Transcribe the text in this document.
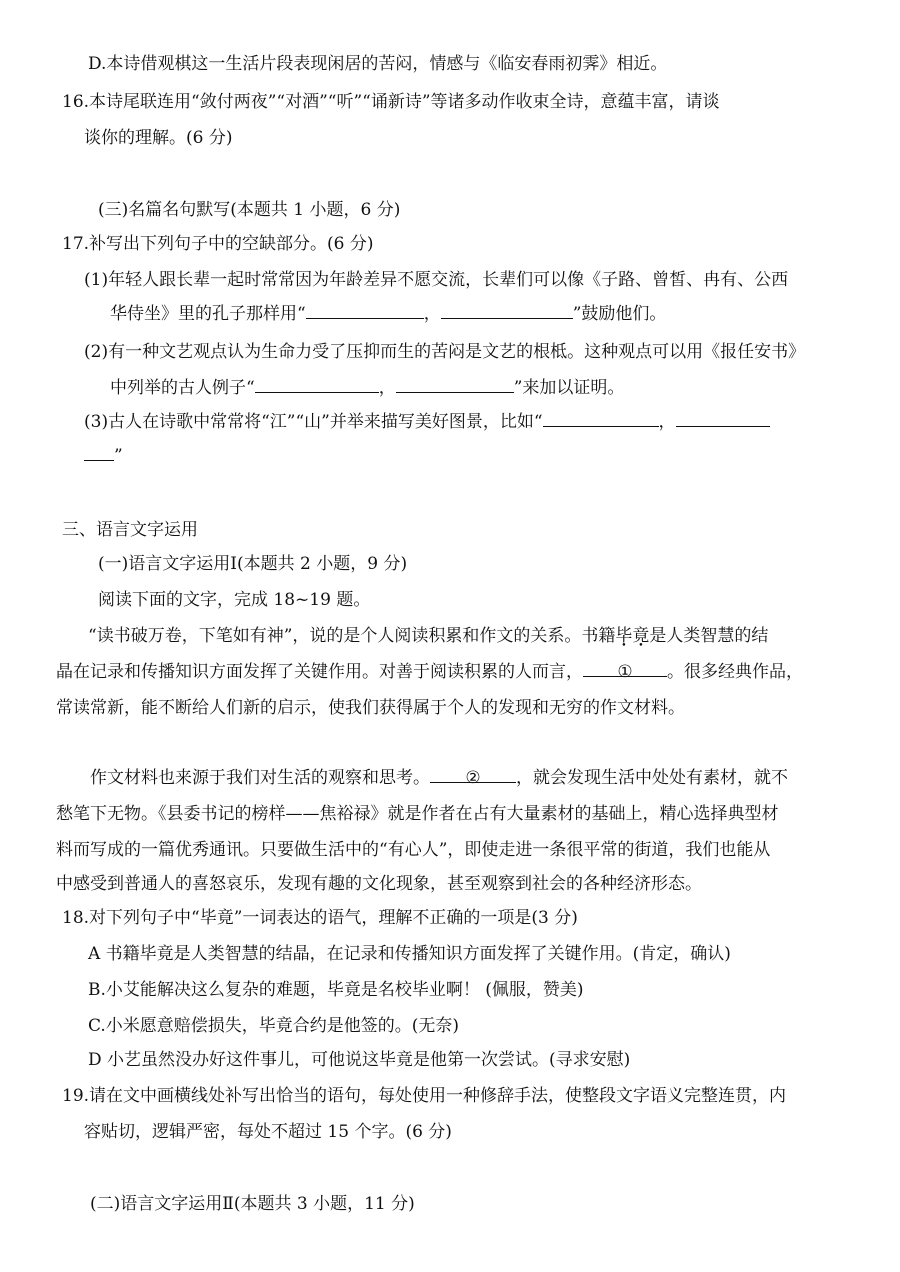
D.本诗借观棋这一生活片段表现闲居的苦闷，情感与《临安春雨初霁》相近。
16.本诗尾联连用“敛付两夜”“对酒”“听”“诵新诗”等诸多动作收束全诗，意蕴丰富，请谈
谈你的理解。(6 分)
(三)名篇名句默写(本题共 1 小题，6 分)
17.补写出下列句子中的空缺部分。(6 分)
(1)年轻人跟长辈一起时常常因为年龄差异不愿交流，长辈们可以像《子路、曾皙、冉有、公西
华侍坐》里的孔子那样用“	，	”鼓励他们。
(2)有一种文艺观点认为生命力受了压抑而生的苦闷是文艺的根柢。这种观点可以用《报任安书》
中列举的古人例子“	，	”来加以证明。
(3)古人在诗歌中常常将“江”“山”并举来描写美好图景，比如“	，
”
三、语言文字运用
(一)语言文字运用Ⅰ(本题共 2 小题，9 分)
阅读下面的文字，完成 18~19 题。
“读书破万卷，下笔如有神”，说的是个人阅读积累和作文的关系。书籍毕竟是人类智慧的结
晶在记录和传播知识方面发挥了关键作用。对善于阅读积累的人而言， ① 。很多经典作品，
常读常新，能不断给人们新的启示，使我们获得属于个人的发现和无穷的作文材料。
作文材料也来源于我们对生活的观察和思考。 ② ，就会发现生活中处处有素材，就不
愁笔下无物。《县委书记的榜样——焦裕禄》就是作者在占有大量素材的基础上，精心选择典型材
料而写成的一篇优秀通讯。只要做生活中的“有心人”，即使走进一条很平常的街道，我们也能从
中感受到普通人的喜怒哀乐，发现有趣的文化现象，甚至观察到社会的各种经济形态。
18.对下列句子中“毕竟”一词表达的语气，理解不正确的一项是(3 分)
A 书籍毕竟是人类智慧的结晶，在记录和传播知识方面发挥了关键作用。(肯定，确认)
B.小艾能解决这么复杂的难题，毕竟是名校毕业啊！ (佩服，赞美)
C.小米愿意赔偿损失，毕竟合约是他签的。(无奈)
D 小艺虽然没办好这件事儿，可他说这毕竟是他第一次尝试。(寻求安慰)
19.请在文中画横线处补写出恰当的语句，每处使用一种修辞手法，使整段文字语义完整连贯，内
容贴切，逻辑严密，每处不超过 15 个字。(6 分)
(二)语言文字运用Ⅱ(本题共 3 小题，11 分)
